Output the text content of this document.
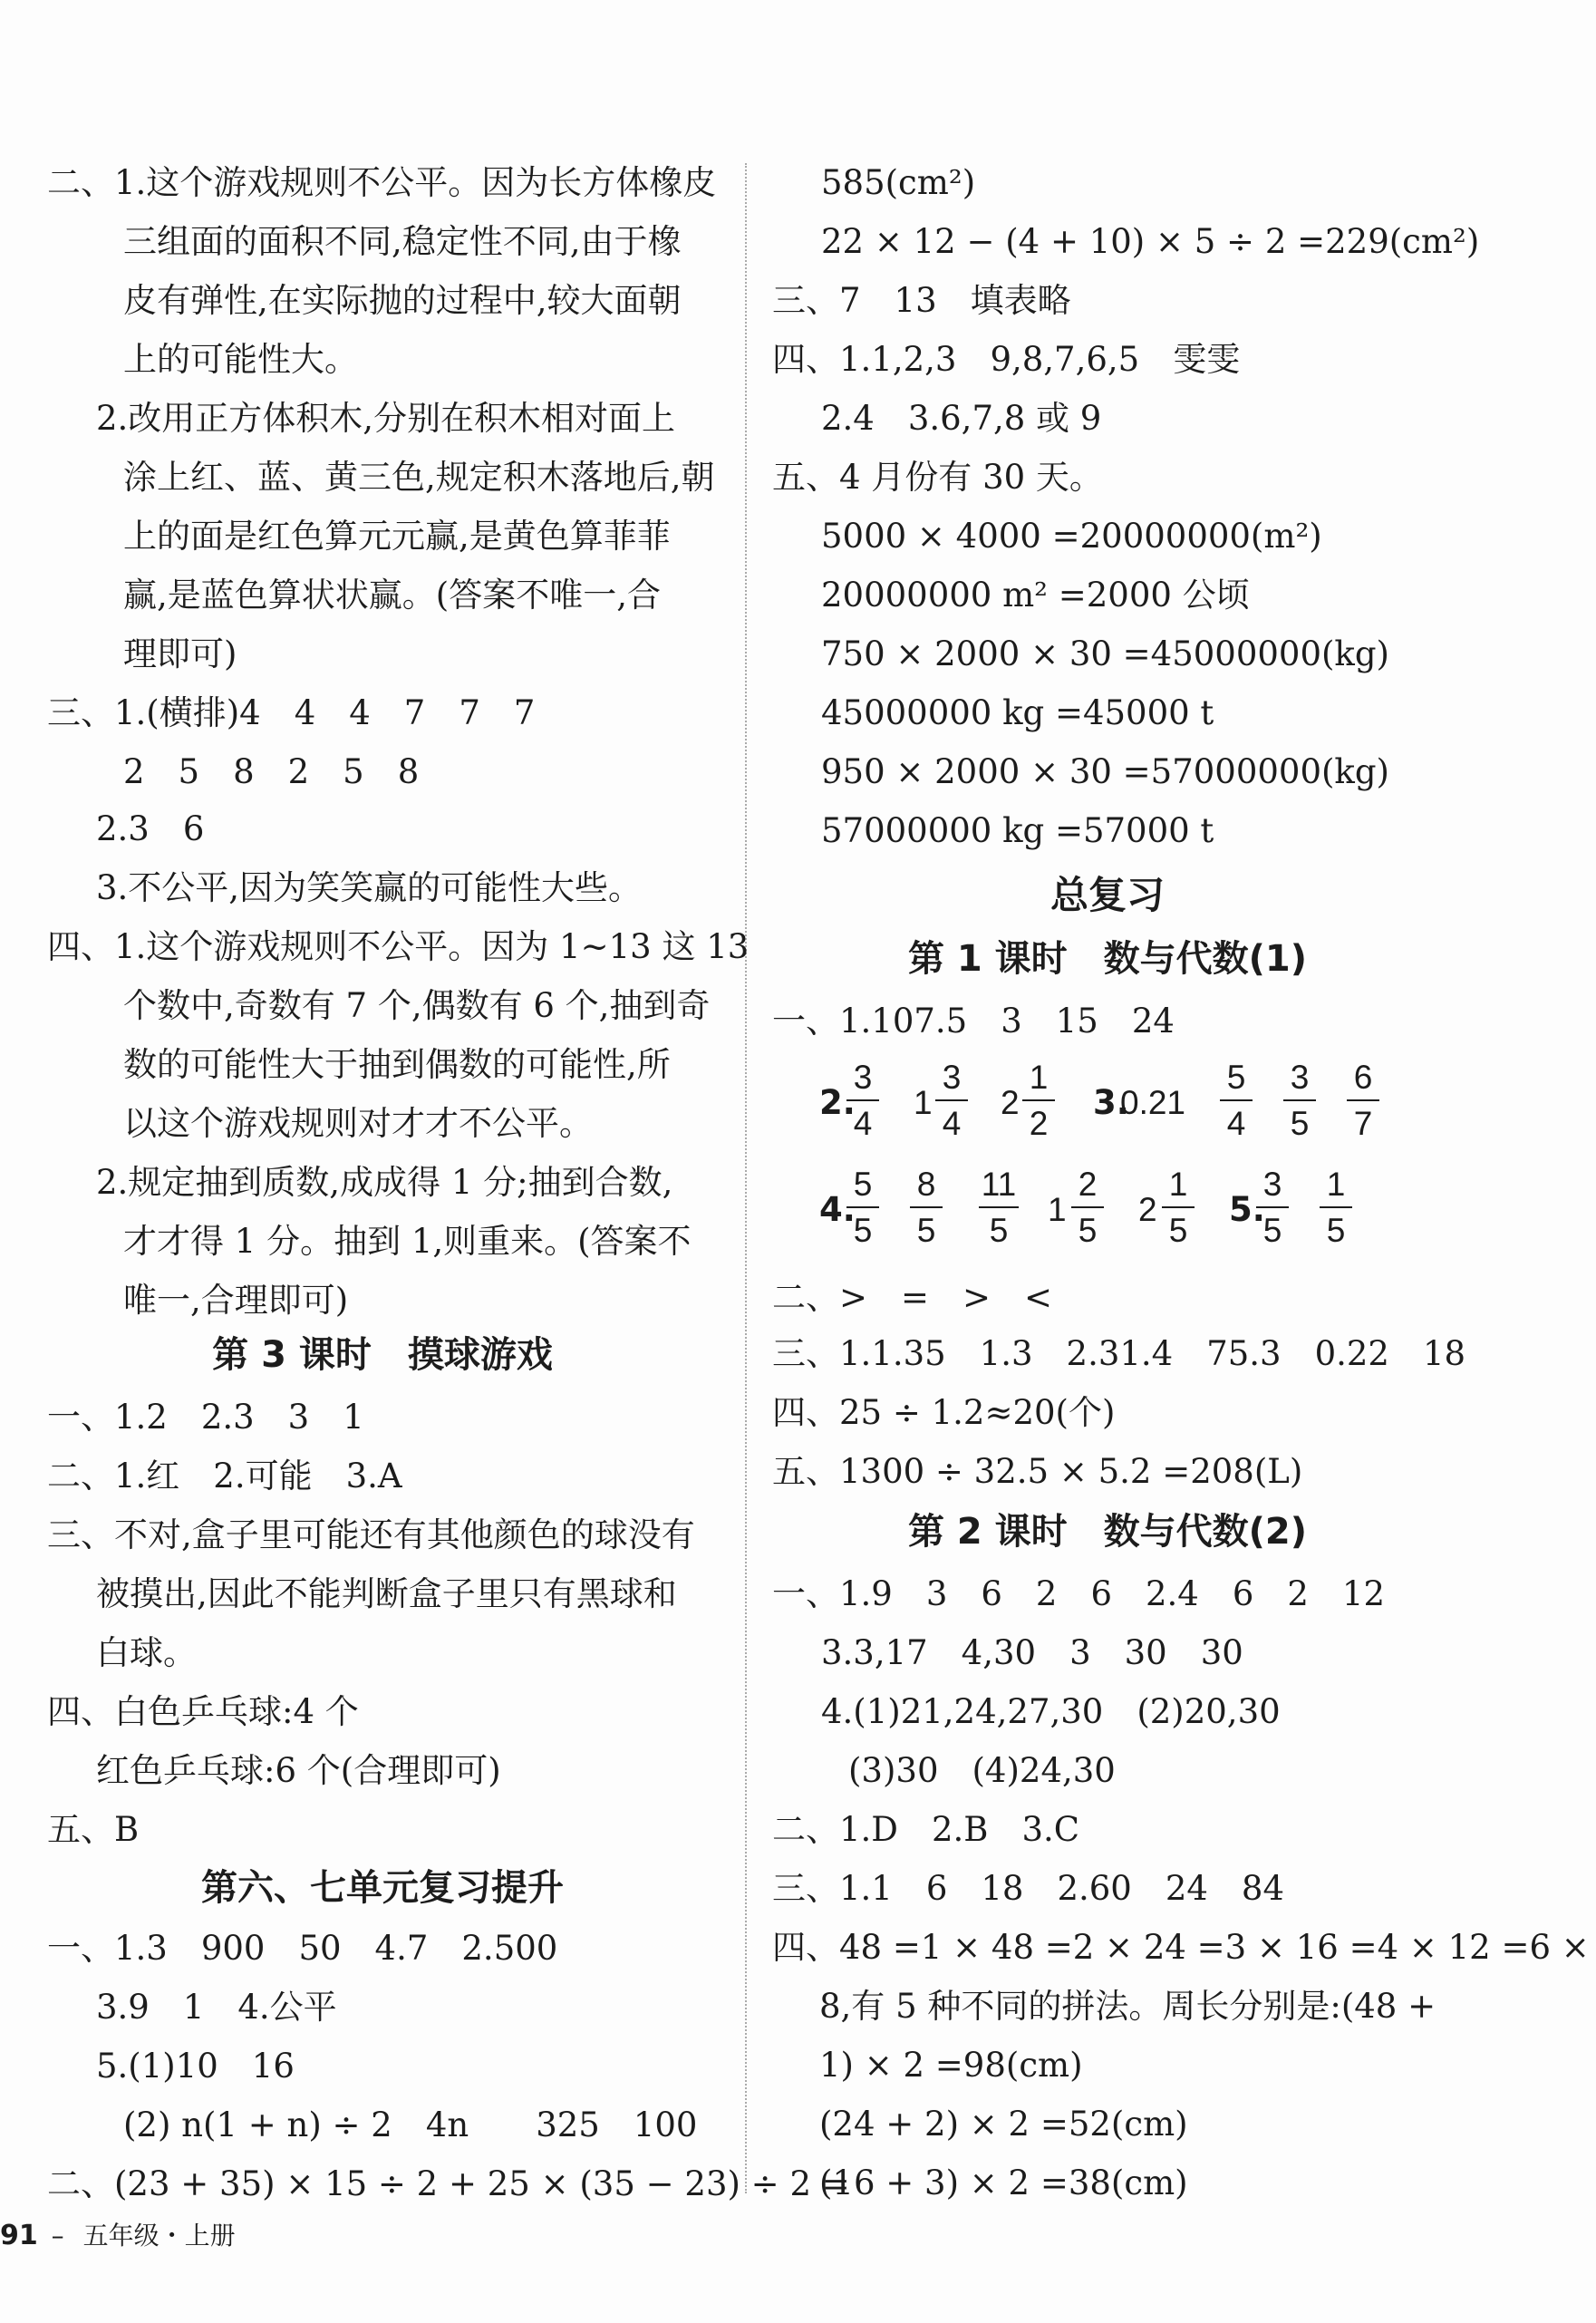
二、1.这个游戏规则不公平。因为长方体橡皮
三组面的面积不同,稳定性不同,由于橡
皮有弹性,在实际抛的过程中,较大面朝
上的可能性大。
2.改用正方体积木,分别在积木相对面上
涂上红、蓝、黄三色,规定积木落地后,朝
上的面是红色算元元赢,是黄色算菲菲
赢,是蓝色算状状赢。(答案不唯一,合
理即可)
三、1.(横排)4　4　4　7　7　7
2　5　8　2　5　8
2.3　6
3.不公平,因为笑笑赢的可能性大些。
四、1.这个游戏规则不公平。因为 1~13 这 13
个数中,奇数有 7 个,偶数有 6 个,抽到奇
数的可能性大于抽到偶数的可能性,所
以这个游戏规则对才才不公平。
2.规定抽到质数,成成得 1 分;抽到合数,
才才得 1 分。抽到 1,则重来。(答案不
唯一,合理即可)
第 3 课时　摸球游戏
一、1.2　2.3　3　1
二、1.红　2.可能　3.A
三、不对,盒子里可能还有其他颜色的球没有
被摸出,因此不能判断盒子里只有黑球和
白球。
四、白色乒乓球:4 个
红色乒乓球:6 个(合理即可)
五、B
第六、七单元复习提升
一、1.3　900　50　4.7　2.500
3.9　1　4.公平
5.(1)10　16
(2) n(1 + n) ÷ 2　4n　　325　100
二、(23 + 35) × 15 ÷ 2 + 25 × (35 − 23) ÷ 2 =
585(cm²)
22 × 12 − (4 + 10) × 5 ÷ 2 =229(cm²)
三、7　13　填表略
四、1.1,2,3　9,8,7,6,5　雯雯
2.4　3.6,7,8 或 9
五、4 月份有 30 天。
5000 × 4000 =20000000(m²)
20000000 m² =2000 公顷
750 × 2000 × 30 =45000000(kg)
45000000 kg =45000 t
950 × 2000 × 30 =57000000(kg)
57000000 kg =57000 t
总复习
第 1 课时　数与代数(1)
一、1.107.5　3　15　24
2.
3
4
1
3
4
2
1
2
3.
0.21
5
4
3
5
6
7
4.
5
5
8
5
11
5
1
2
5
2
1
5
5.
3
5
1
5
二、>　=　>　<
三、1.1.35　1.3　2.31.4　75.3　0.22　18
四、25 ÷ 1.2≈20(个)
五、1300 ÷ 32.5 × 5.2 =208(L)
第 2 课时　数与代数(2)
一、1.9　3　6　2　6　2.4　6　2　12
3.3,17　4,30　3　30　30
4.(1)21,24,27,30　(2)20,30
(3)30　(4)24,30
二、1.D　2.B　3.C
三、1.1　6　18　2.60　24　84
四、48 =1 × 48 =2 × 24 =3 × 16 =4 × 12 =6 ×
8,有 5 种不同的拼法。周长分别是:(48 +
1) × 2 =98(cm)
(24 + 2) × 2 =52(cm)
(16 + 3) × 2 =38(cm)
91 – 五年级・上册
